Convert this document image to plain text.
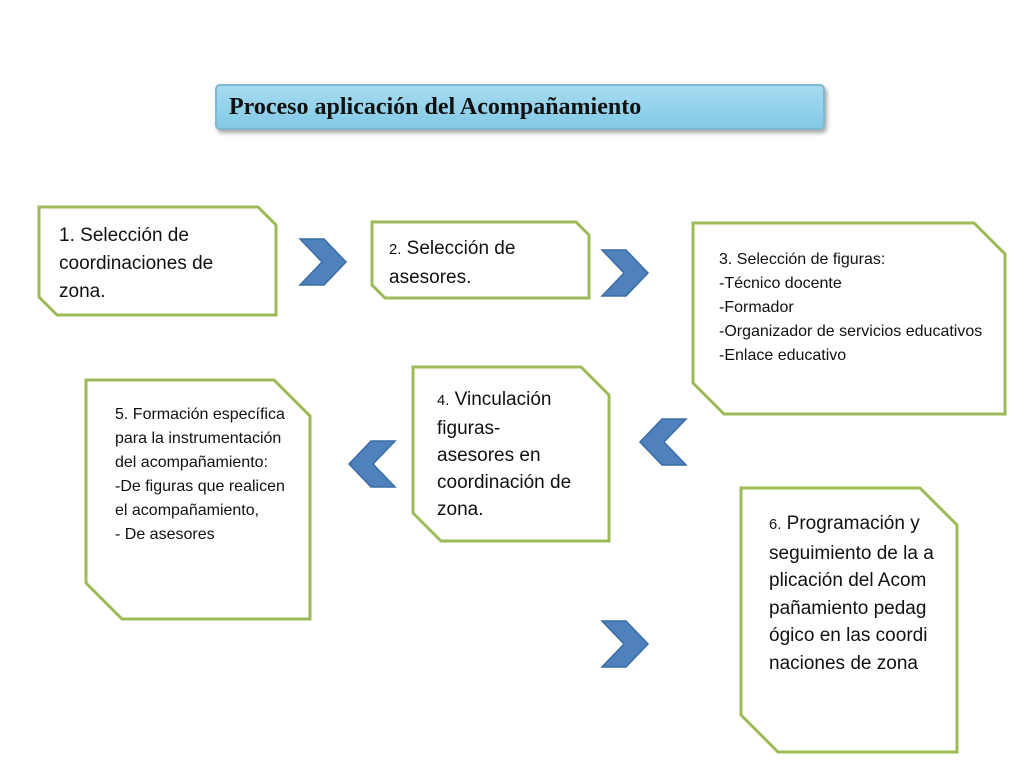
Proceso aplicación del Acompañamiento
1. Selección de coordinaciones de zona.
2. Selección de asesores.
3. Selección de figuras:
-Técnico docente
-Formador
-Organizador de servicios educativos
-Enlace educativo
4. Vinculación figuras-asesores en coordinación de zona.
5. Formación específica para la instrumentación del acompañamiento:
-De figuras que realicen el acompañamiento,
- De asesores
6. Programación y seguimiento de la aplicación del Acompañamiento pedagógico en las coordinaciones de zona
